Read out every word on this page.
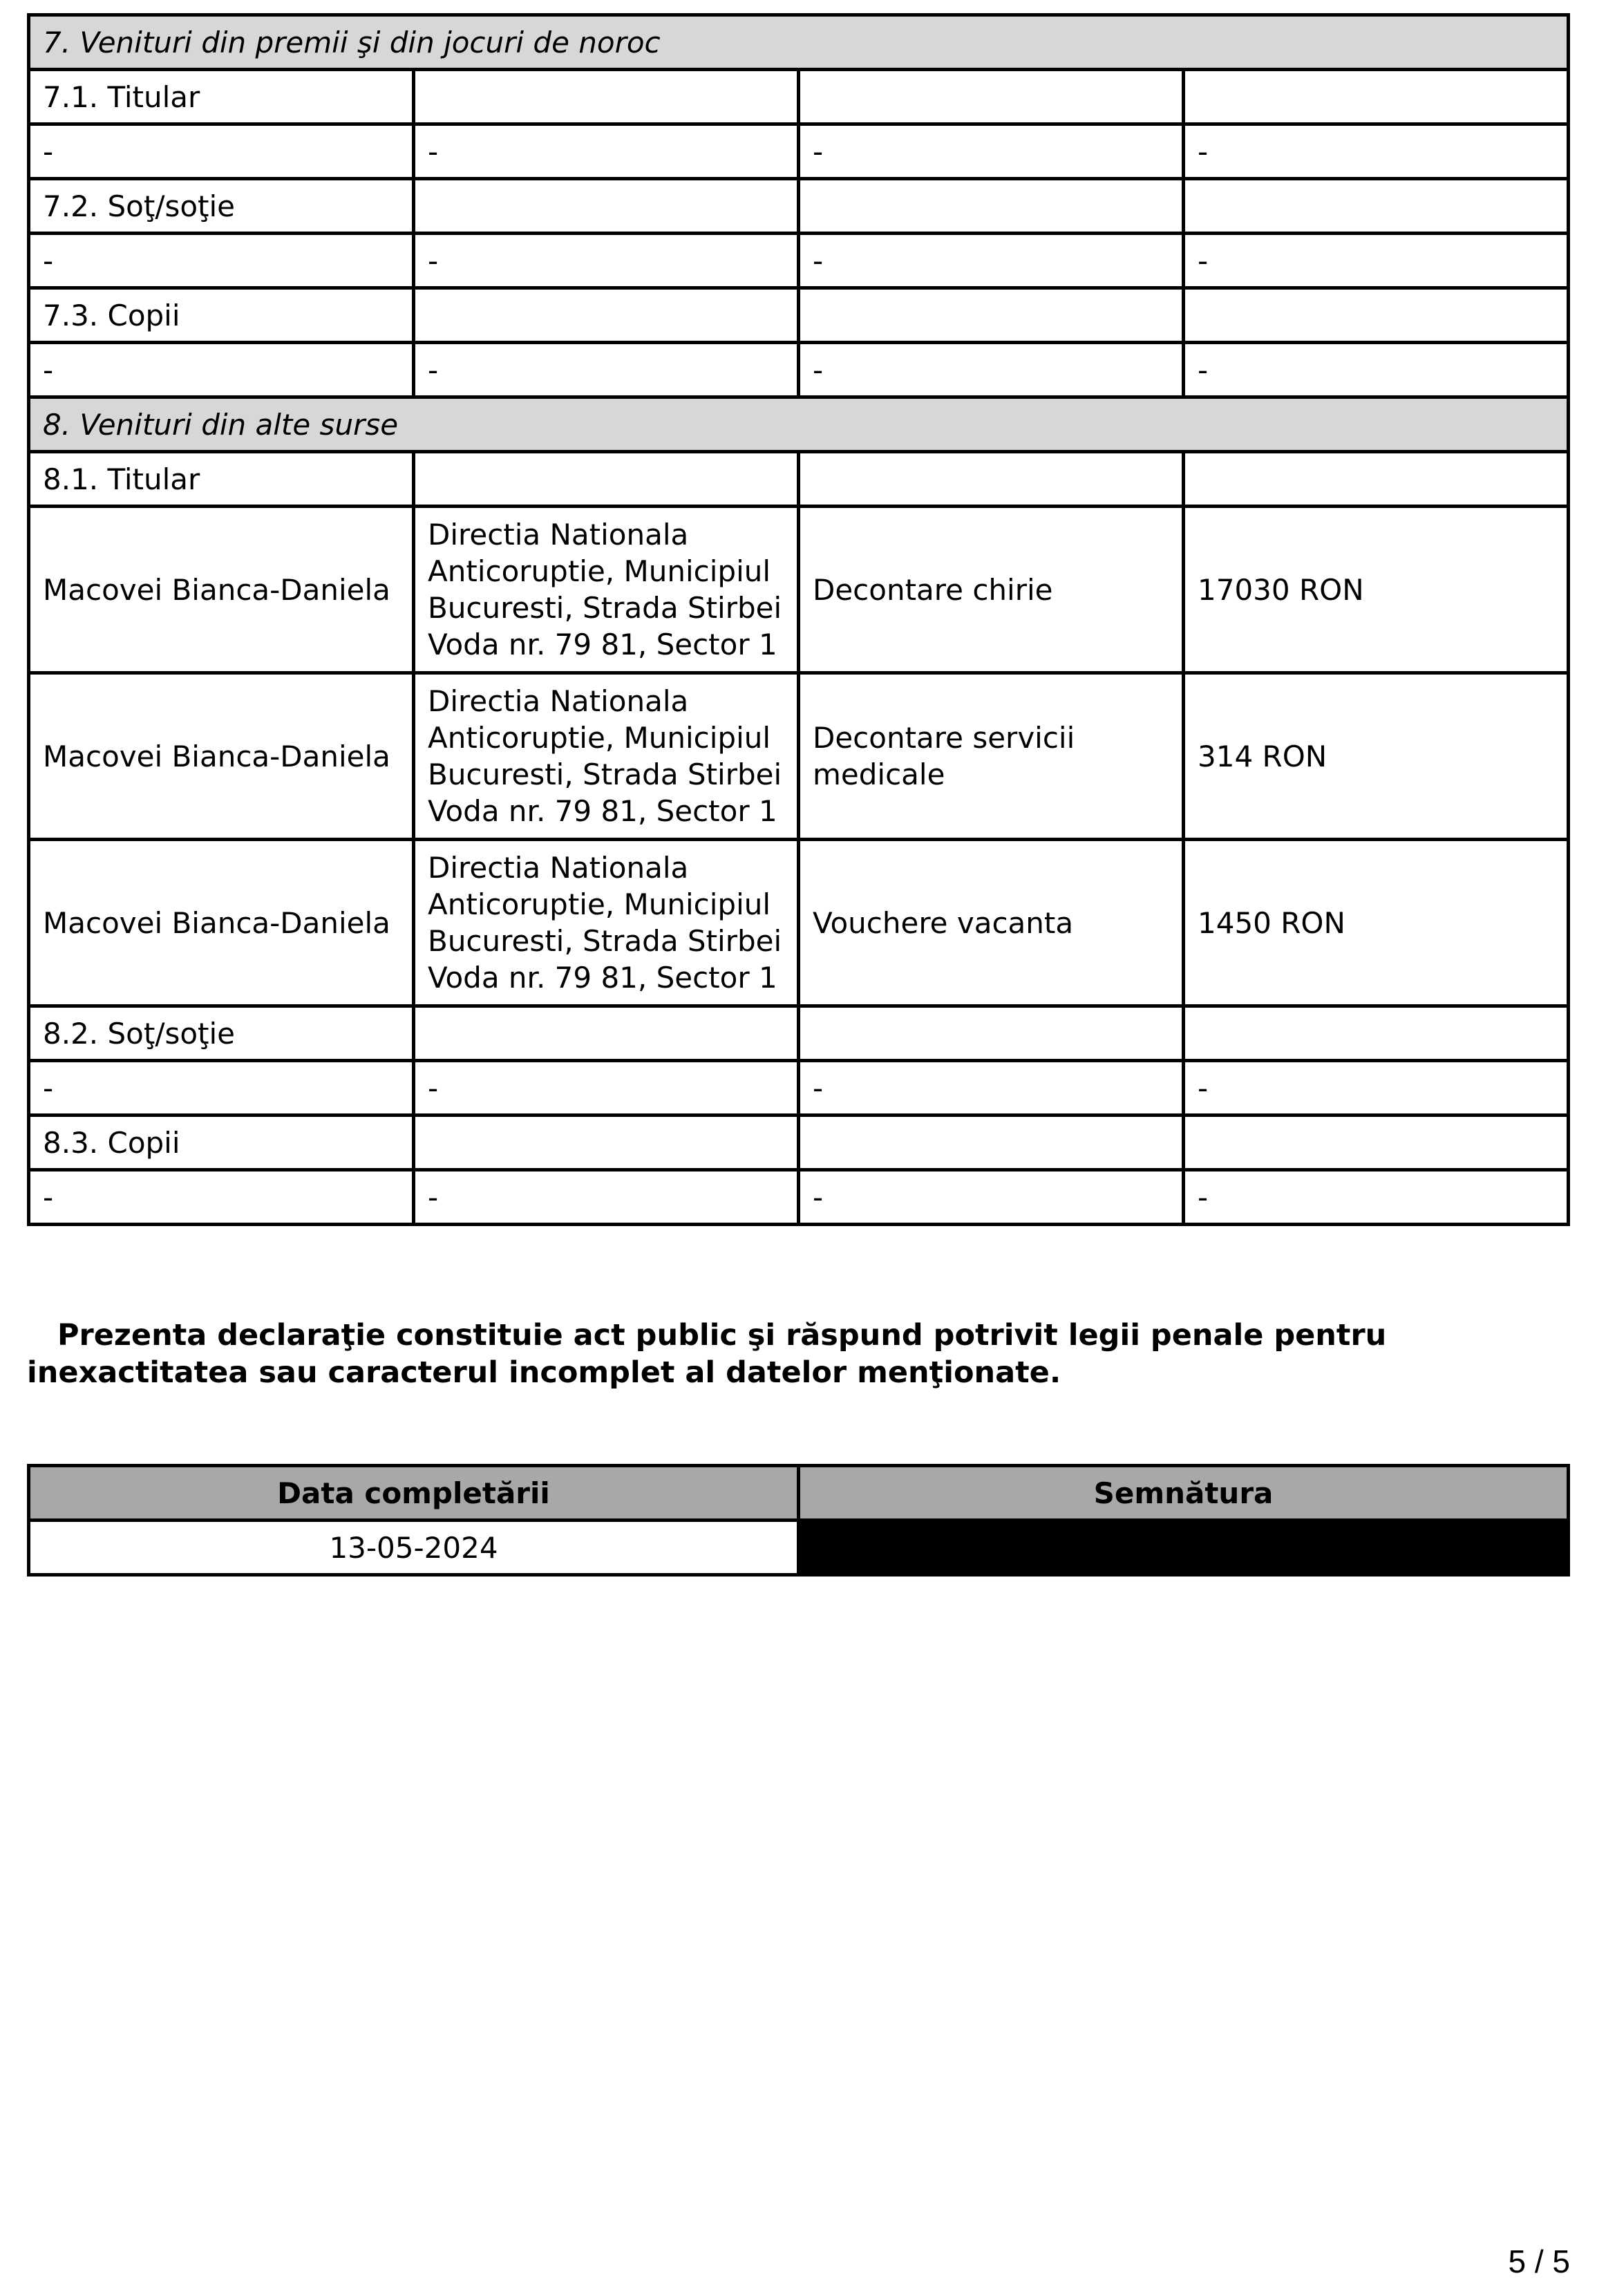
7. Venituri din premii şi din jocuri de noroc			
7.1. Titular			
-	-	-	-
7.2. Soţ/soţie			
-	-	-	-
7.3. Copii			
-	-	-	-
8. Venituri din alte surse			
8.1. Titular			
Macovei Bianca-Daniela	Directia Nationala Anticoruptie, Municipiul Bucuresti, Strada Stirbei Voda nr. 79 81, Sector 1	Decontare chirie	17030 RON
Macovei Bianca-Daniela	Directia Nationala Anticoruptie, Municipiul Bucuresti, Strada Stirbei Voda nr. 79 81, Sector 1	Decontare servicii medicale	314 RON
Macovei Bianca-Daniela	Directia Nationala Anticoruptie, Municipiul Bucuresti, Strada Stirbei Voda nr. 79 81, Sector 1	Vouchere vacanta	1450 RON
8.2. Soţ/soţie			
-	-	-	-
8.3. Copii			
-	-	-	-

Prezenta declaraţie constituie act public şi răspund potrivit legii penale pentru inexactitatea sau caracterul incomplet al datelor menţionate.

Data completării	Semnătura
13-05-2024	
5 / 5
